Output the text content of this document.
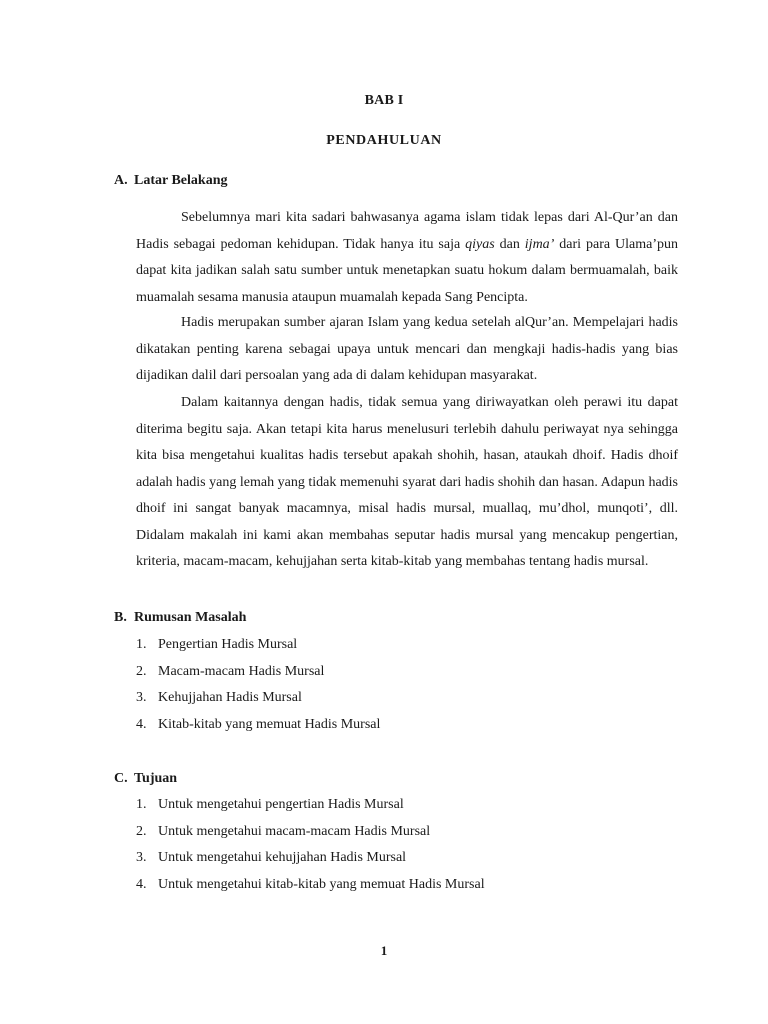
BAB I
PENDAHULUAN
A. Latar Belakang

Sebelumnya mari kita sadari bahwasanya agama islam tidak lepas dari Al-Qur’an dan Hadis sebagai pedoman kehidupan. Tidak hanya itu saja qiyas dan ijma’ dari para Ulama’pun dapat kita jadikan salah satu sumber untuk menetapkan suatu hokum dalam bermuamalah, baik muamalah sesama manusia ataupun muamalah kepada Sang Pencipta.

Hadis merupakan sumber ajaran Islam yang kedua setelah alQur’an. Mempelajari hadis dikatakan penting karena sebagai upaya untuk mencari dan mengkaji hadis-hadis yang bias dijadikan dalil dari persoalan yang ada di dalam kehidupan masyarakat.

Dalam kaitannya dengan hadis, tidak semua yang diriwayatkan oleh perawi itu dapat diterima begitu saja. Akan tetapi kita harus menelusuri terlebih dahulu periwayat nya sehingga kita bisa mengetahui kualitas hadis tersebut apakah shohih, hasan, ataukah dhoif. Hadis dhoif adalah hadis yang lemah yang tidak memenuhi syarat dari hadis shohih dan hasan. Adapun hadis dhoif ini sangat banyak macamnya, misal hadis mursal, muallaq, mu’dhol, munqoti’, dll. Didalam makalah ini kami akan membahas seputar hadis mursal yang mencakup pengertian, kriteria, macam-macam, kehujjahan serta kitab-kitab yang membahas tentang hadis mursal.

B. Rumusan Masalah
1. Pengertian Hadis Mursal
2. Macam-macam Hadis Mursal
3. Kehujjahan Hadis Mursal
4. Kitab-kitab yang memuat Hadis Mursal
C. Tujuan
1. Untuk mengetahui pengertian Hadis Mursal
2. Untuk mengetahui macam-macam Hadis Mursal
3. Untuk mengetahui kehujjahan Hadis Mursal
4. Untuk mengetahui kitab-kitab yang memuat Hadis Mursal
1
